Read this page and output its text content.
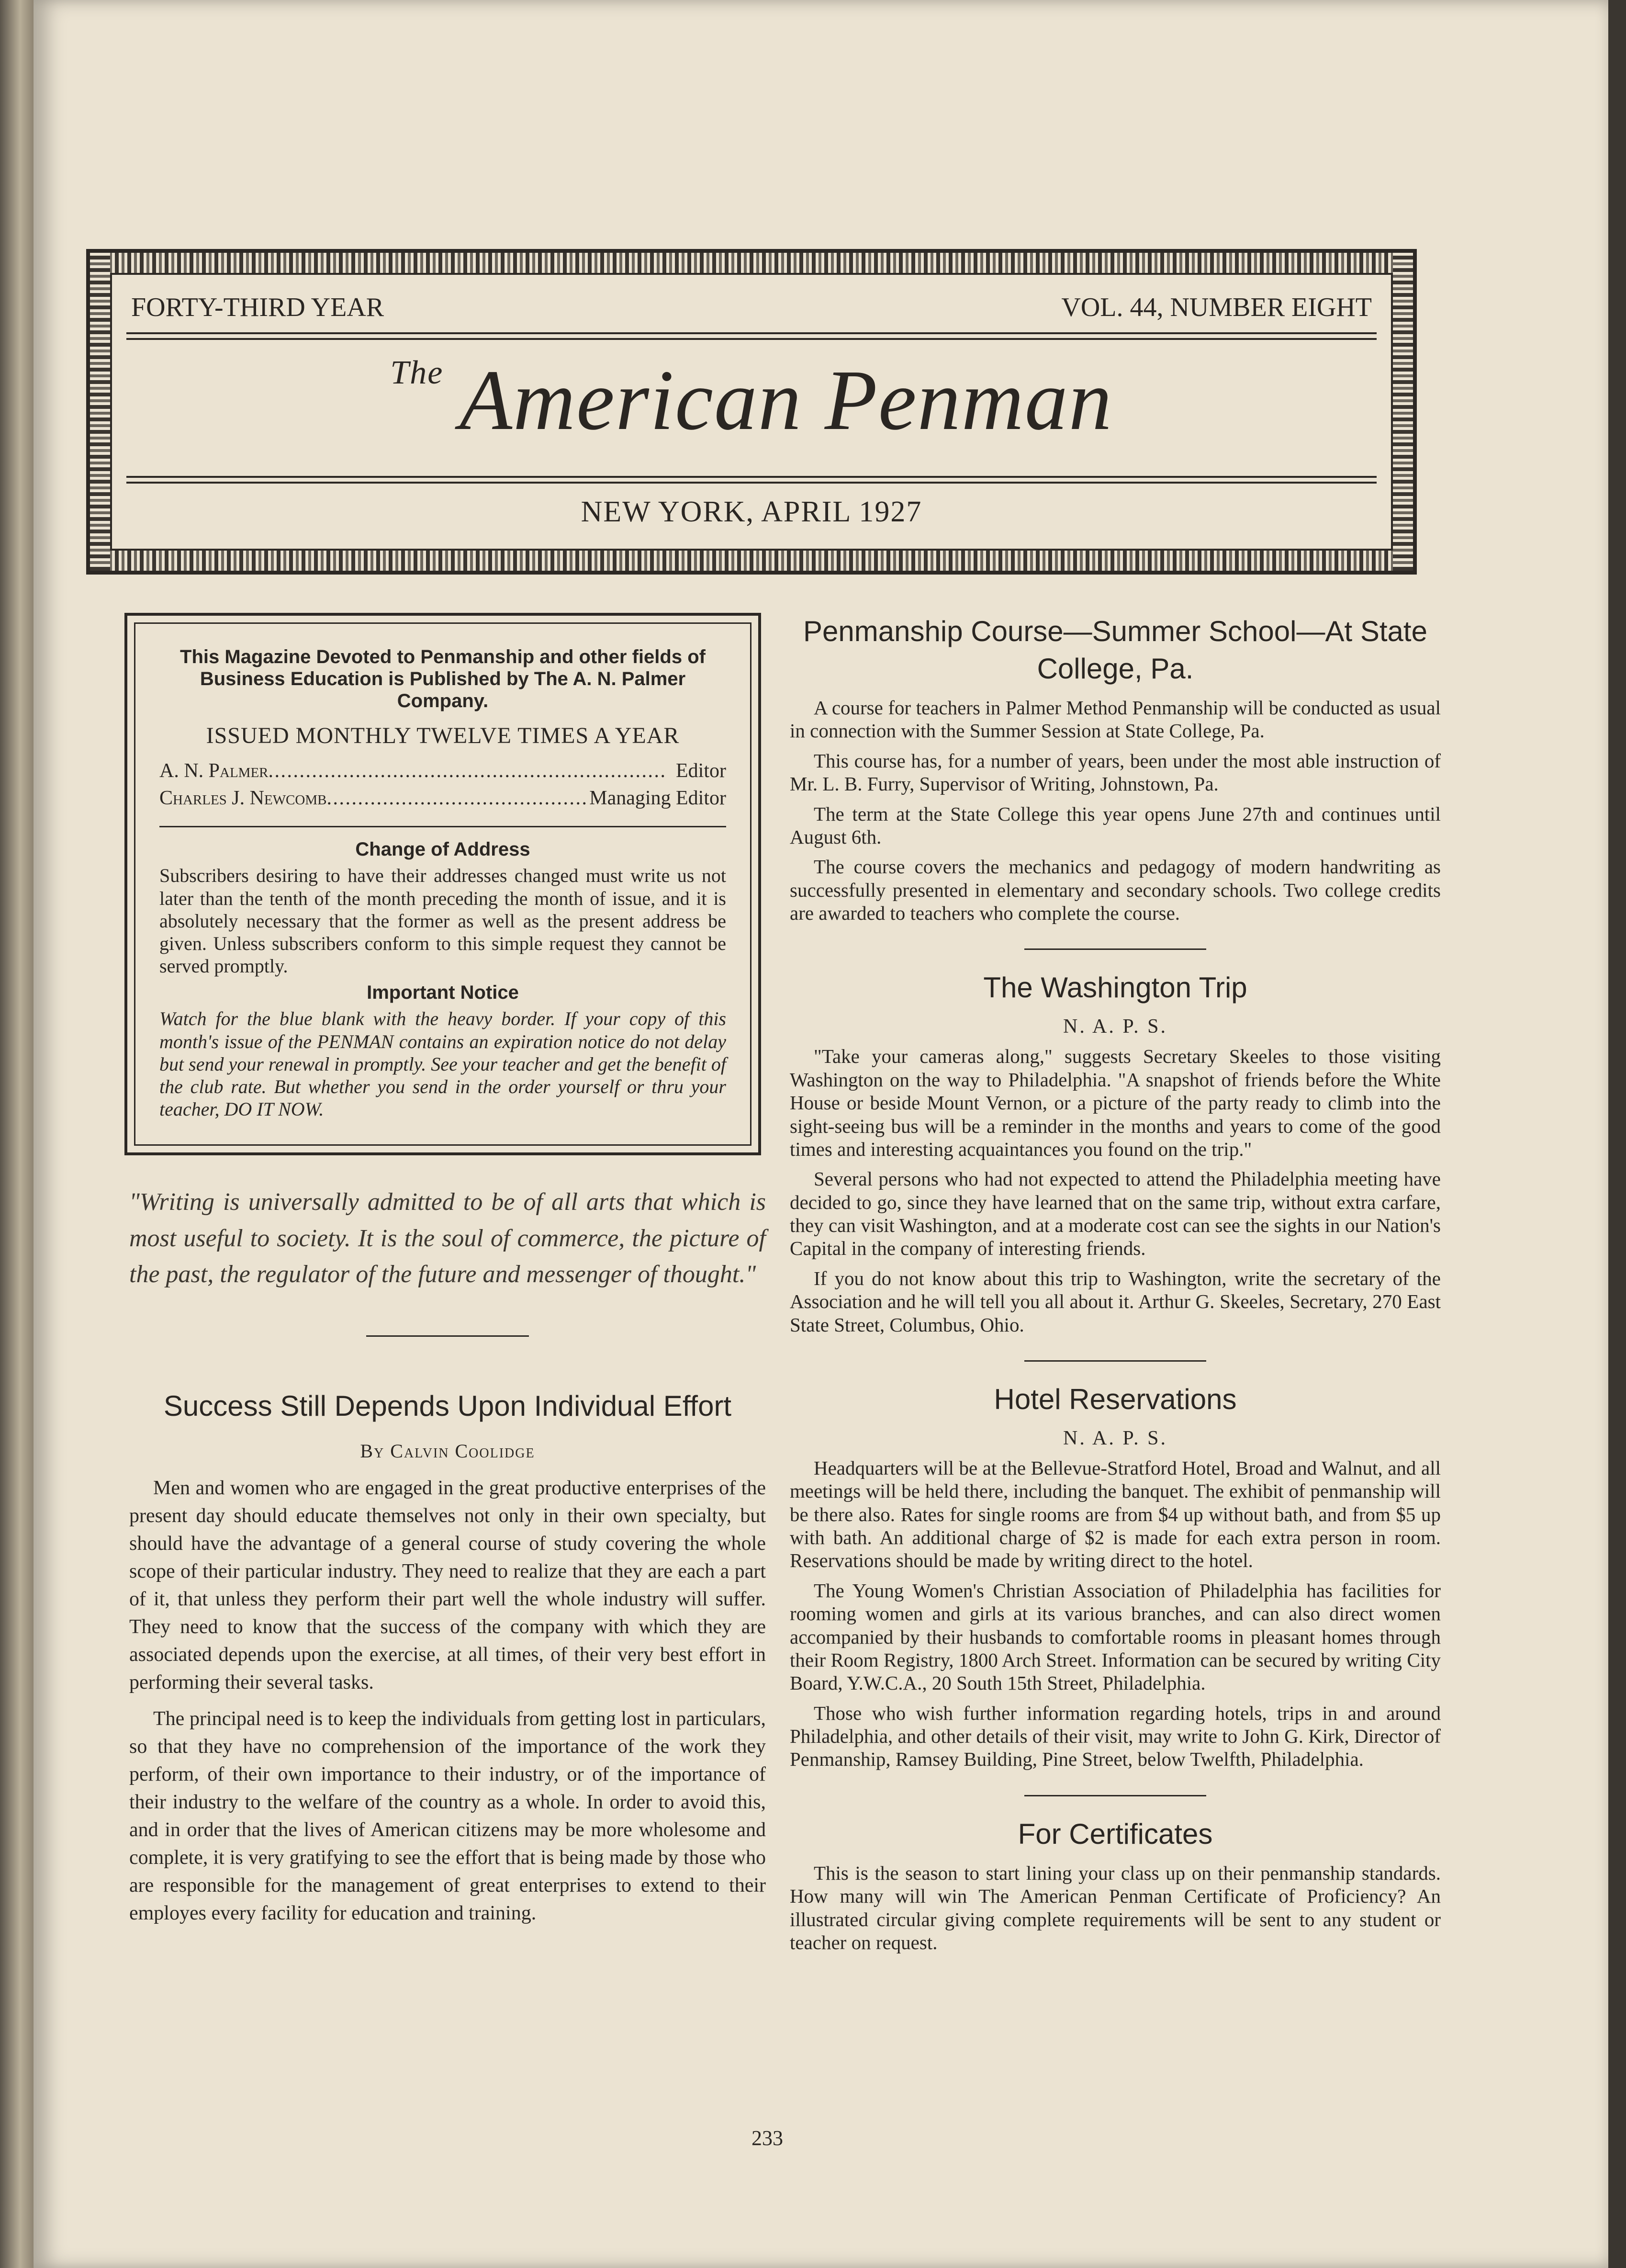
FORTY-THIRD YEAR	VOL. 44, NUMBER EIGHT
$^{The}$ American Penman
NEW YORK, APRIL 1927

This Magazine Devoted to Penmanship and other fields of Business Education is Published by The A. N. Palmer Company.

ISSUED MONTHLY TWELVE TIMES A YEAR

A. N. Palmer . . .	Editor
Charles J. Newcomb . . .	Managing Editor

Change of Address

Subscribers desiring to have their addresses changed must write us not later than the tenth of the month preceding the month of issue, and it is absolutely necessary that the former as well as the present address be given. Unless subscribers conform to this simple request they cannot be served promptly.

Important Notice

Watch for the blue blank with the heavy border. If your copy of this month's issue of the PENMAN contains an expiration notice do not delay but send your renewal in promptly. See your teacher and get the benefit of the club rate. But whether you send in the order yourself or thru your teacher, DO IT NOW.

"Writing is universally admitted to be of all arts that which is most useful to society. It is the soul of commerce, the picture of the past, the regulator of the future and messenger of thought."

Success Still Depends Upon Individual Effort

By Calvin Coolidge

Men and women who are engaged in the great productive enterprises of the present day should educate themselves not only in their own specialty, but should have the advantage of a general course of study covering the whole scope of their particular industry. They need to realize that they are each a part of it, that unless they perform their part well the whole industry will suffer. They need to know that the success of the company with which they are associated depends upon the exercise, at all times, of their very best effort in performing their several tasks.

The principal need is to keep the individuals from getting lost in particulars, so that they have no comprehension of the importance of the work they perform, of their own importance to their industry, or of the importance of their industry to the welfare of the country as a whole. In order to avoid this, and in order that the lives of American citizens may be more wholesome and complete, it is very gratifying to see the effort that is being made by those who are responsible for the management of great enterprises to extend to their employes every facility for education and training.

Penmanship Course—Summer School—At State College, Pa.

A course for teachers in Palmer Method Penmanship will be conducted as usual in connection with the Summer Session at State College, Pa.

This course has, for a number of years, been under the most able instruction of Mr. L. B. Furry, Supervisor of Writing, Johnstown, Pa.

The term at the State College this year opens June 27th and continues until August 6th.

The course covers the mechanics and pedagogy of modern handwriting as successfully presented in elementary and secondary schools. Two college credits are awarded to teachers who complete the course.

The Washington Trip

N. A. P. S.

"Take your cameras along," suggests Secretary Skeeles to those visiting Washington on the way to Philadelphia. "A snapshot of friends before the White House or beside Mount Vernon, or a picture of the party ready to climb into the sight-seeing bus will be a reminder in the months and years to come of the good times and interesting acquaintances you found on the trip."

Several persons who had not expected to attend the Philadelphia meeting have decided to go, since they have learned that on the same trip, without extra carfare, they can visit Washington, and at a moderate cost can see the sights in our Nation's Capital in the company of interesting friends.

If you do not know about this trip to Washington, write the secretary of the Association and he will tell you all about it. Arthur G. Skeeles, Secretary, 270 East State Street, Columbus, Ohio.

Hotel Reservations

N. A. P. S.

Headquarters will be at the Bellevue-Stratford Hotel, Broad and Walnut, and all meetings will be held there, including the banquet. The exhibit of penmanship will be there also. Rates for single rooms are from $4 up without bath, and from $5 up with bath. An additional charge of $2 is made for each extra person in room. Reservations should be made by writing direct to the hotel.

The Young Women's Christian Association of Philadelphia has facilities for rooming women and girls at its various branches, and can also direct women accompanied by their husbands to comfortable rooms in pleasant homes through their Room Registry, 1800 Arch Street. Information can be secured by writing City Board, Y.W.C.A., 20 South 15th Street, Philadelphia.

Those who wish further information regarding hotels, trips in and around Philadelphia, and other details of their visit, may write to John G. Kirk, Director of Penmanship, Ramsey Building, Pine Street, below Twelfth, Philadelphia.

For Certificates

This is the season to start lining your class up on their penmanship standards. How many will win The American Penman Certificate of Proficiency? An illustrated circular giving complete requirements will be sent to any student or teacher on request.

233
